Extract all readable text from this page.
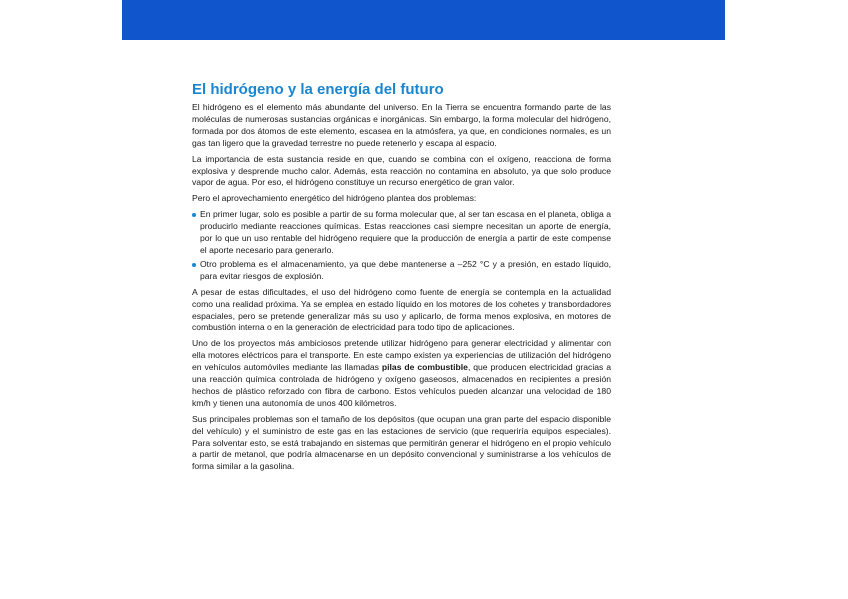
El hidrógeno y la energía del futuro

El hidrógeno es el elemento más abundante del universo. En la Tierra se encuentra formando parte de las moléculas de numerosas sustancias orgánicas e inorgánicas. Sin embargo, la forma molecular del hidrógeno, formada por dos átomos de este elemento, escasea en la atmósfera, ya que, en condiciones normales, es un gas tan ligero que la gravedad terrestre no puede retenerlo y escapa al espacio.

La importancia de esta sustancia reside en que, cuando se combina con el oxígeno, reacciona de forma explosiva y desprende mucho calor. Además, esta reacción no contamina en absoluto, ya que solo produce vapor de agua. Por eso, el hidrógeno constituye un recurso energético de gran valor.

Pero el aprovechamiento energético del hidrógeno plantea dos problemas:

En primer lugar, solo es posible a partir de su forma molecular que, al ser tan escasa en el planeta, obliga a producirlo mediante reacciones químicas. Estas reacciones casi siempre necesitan un aporte de energía, por lo que un uso rentable del hidrógeno requiere que la producción de energía a partir de este compense el aporte necesario para generarlo.
Otro problema es el almacenamiento, ya que debe mantenerse a –252 °C y a presión, en estado líquido, para evitar riesgos de explosión.

A pesar de estas dificultades, el uso del hidrógeno como fuente de energía se contempla en la actualidad como una realidad próxima. Ya se emplea en estado líquido en los motores de los cohetes y transbordadores espaciales, pero se pretende generalizar más su uso y aplicarlo, de forma menos explosiva, en motores de combustión interna o en la generación de electricidad para todo tipo de aplicaciones.

Uno de los proyectos más ambiciosos pretende utilizar hidrógeno para generar electricidad y alimentar con ella motores eléctricos para el transporte. En este campo existen ya experiencias de utilización del hidrógeno en vehículos automóviles mediante las llamadas pilas de combustible, que producen electricidad gracias a una reacción química controlada de hidrógeno y oxígeno gaseosos, almacenados en recipientes a presión hechos de plástico reforzado con fibra de carbono. Estos vehículos pueden alcanzar una velocidad de 180 km/h y tienen una autonomía de unos 400 kilómetros.

Sus principales problemas son el tamaño de los depósitos (que ocupan una gran parte del espacio disponible del vehículo) y el suministro de este gas en las estaciones de servicio (que requeriría equipos especiales). Para solventar esto, se está trabajando en sistemas que permitirán generar el hidrógeno en el propio vehículo a partir de metanol, que podría almacenarse en un depósito convencional y suministrarse a los vehículos de forma similar a la gasolina.
